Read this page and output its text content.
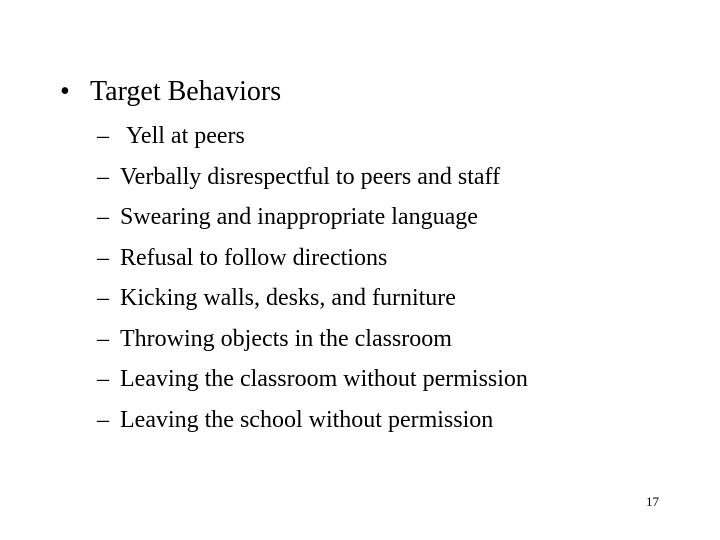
• Target Behaviors
– Yell at peers
– Verbally disrespectful to peers and staff
– Swearing and inappropriate language
– Refusal to follow directions
– Kicking walls, desks, and furniture
– Throwing objects in the classroom
– Leaving the classroom without permission
– Leaving the school without permission
17
